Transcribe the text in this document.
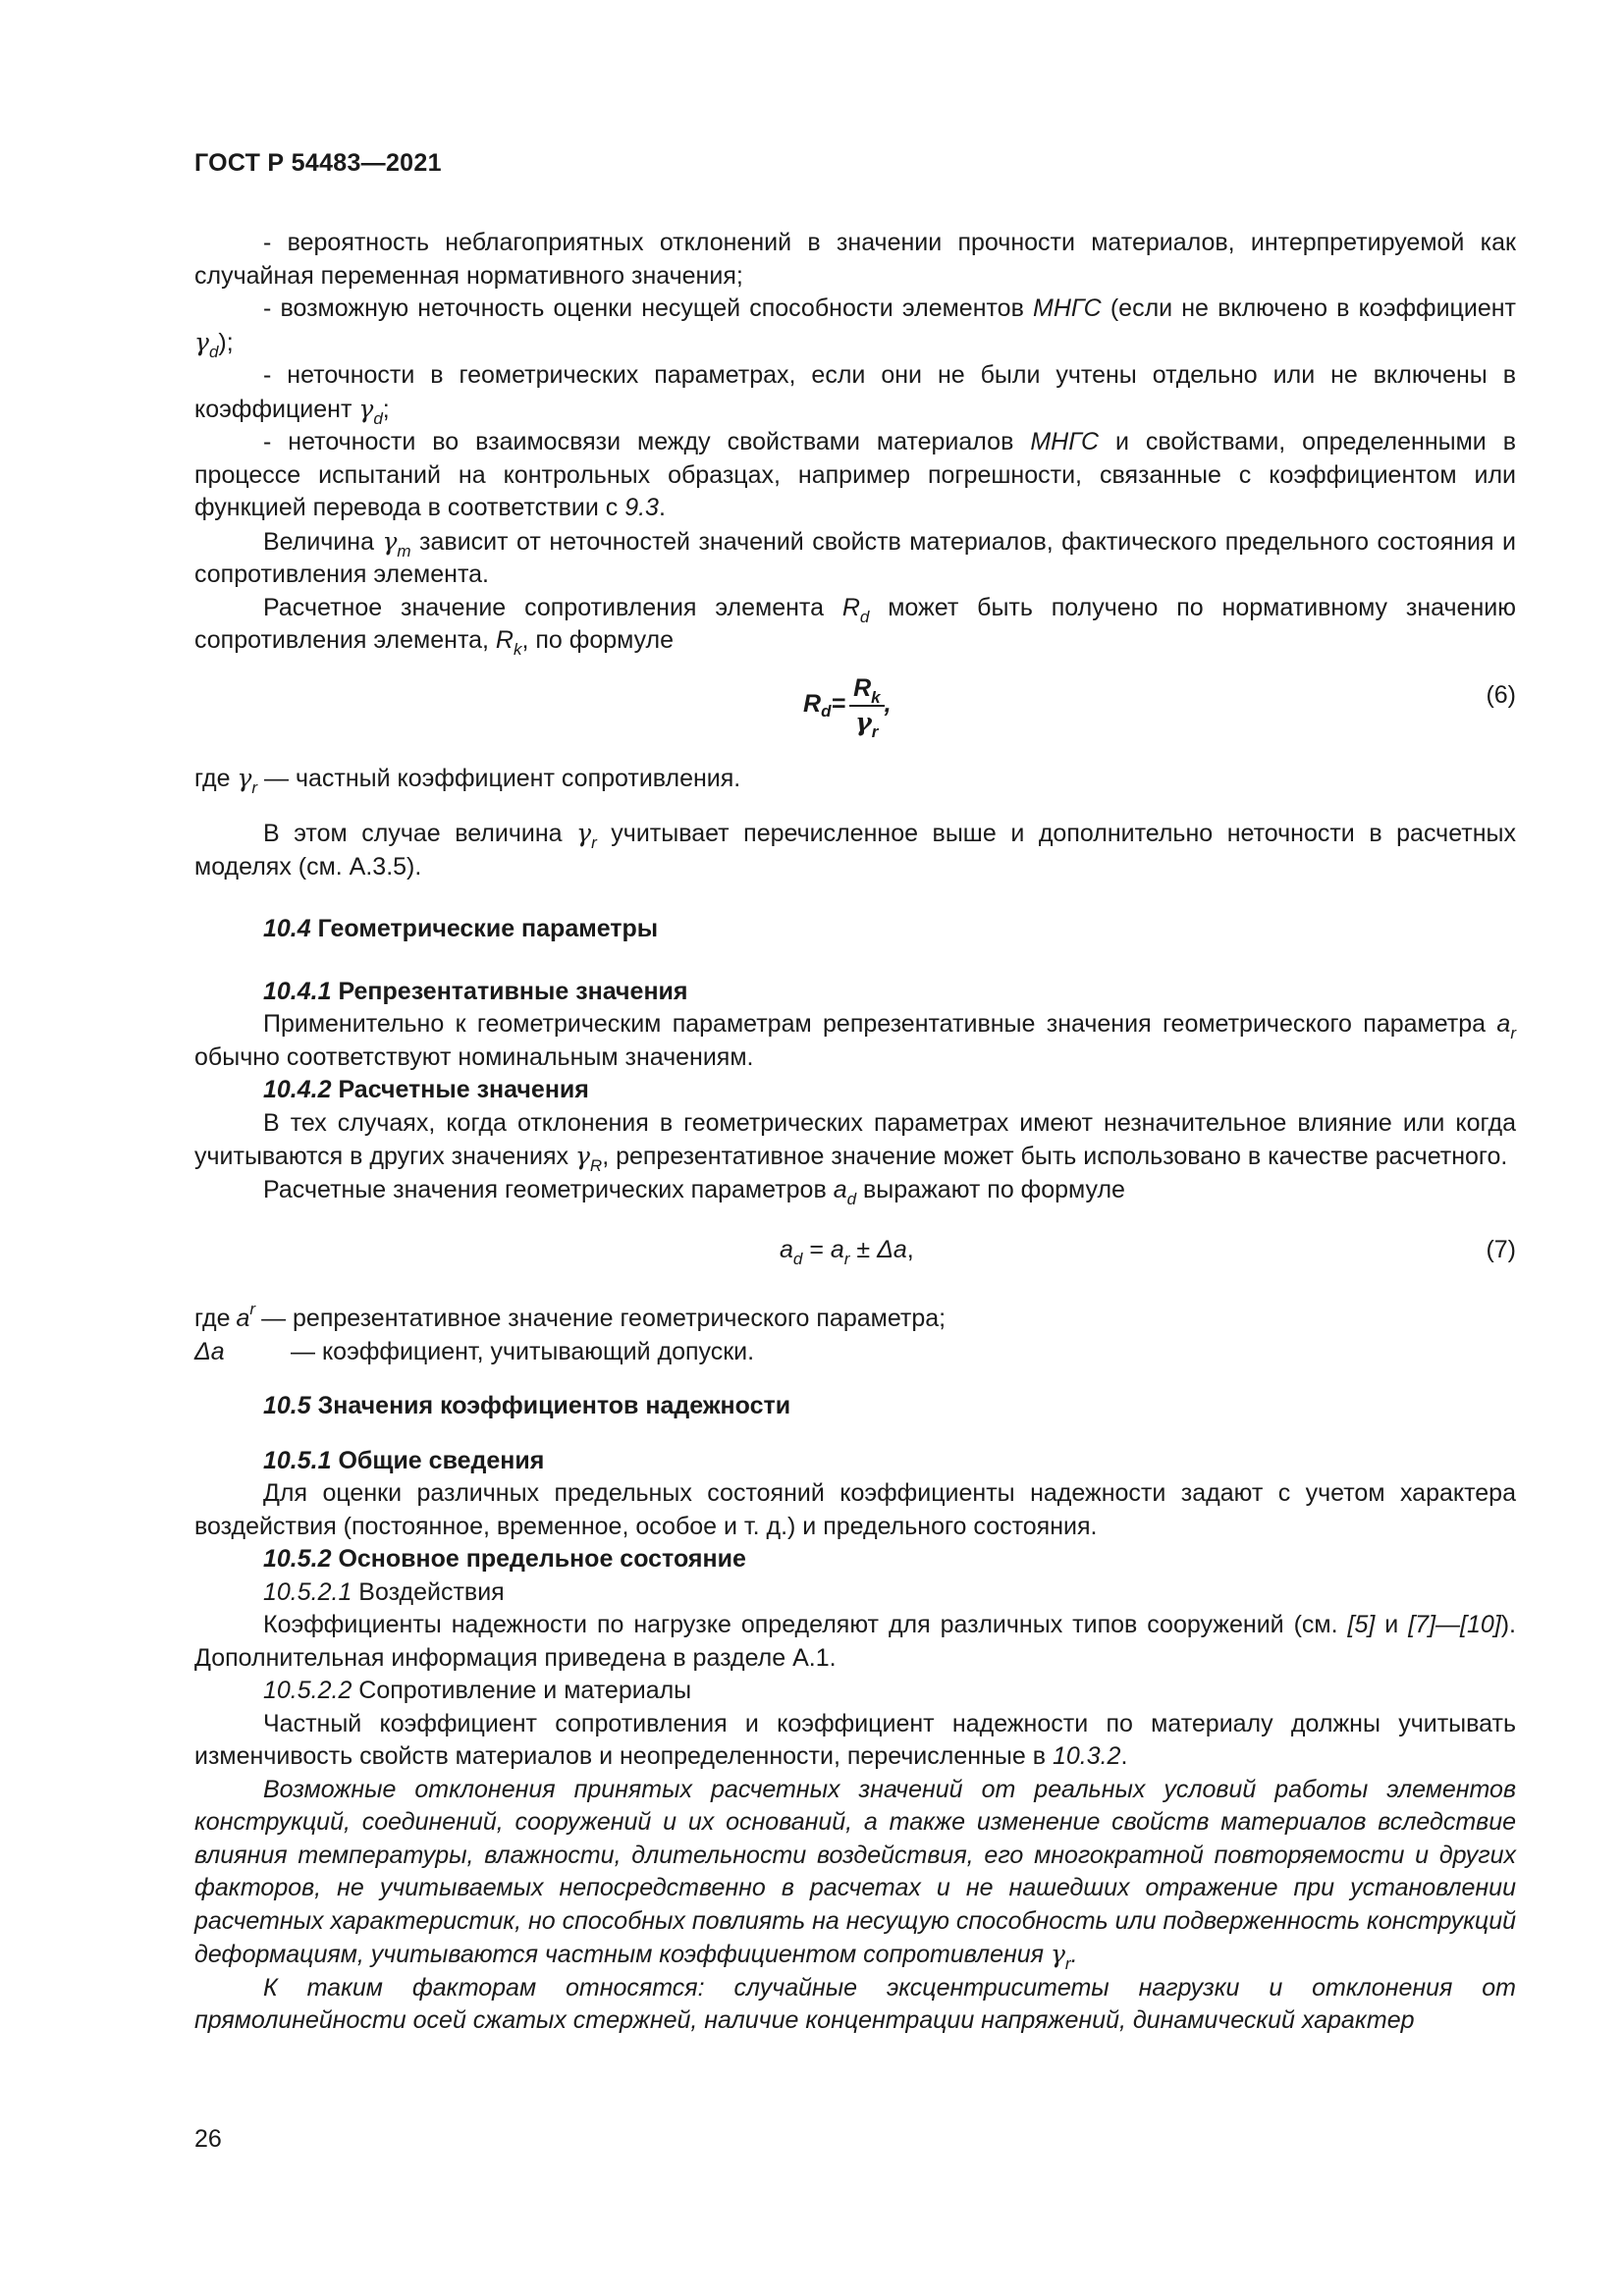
ГОСТ Р 54483—2021

- вероятность неблагоприятных отклонений в значении прочности материалов, интерпретируемой как случайная переменная нормативного значения;

- возможную неточность оценки несущей способности элементов МНГС (если не включено в коэффициент $\gamma_d$);

- неточности в геометрических параметрах, если они не были учтены отдельно или не включены в коэффициент $\gamma_d$;

- неточности во взаимосвязи между свойствами материалов МНГС и свойствами, определенными в процессе испытаний на контрольных образцах, например погрешности, связанные с коэффициентом или функцией перевода в соответствии с 9.3.

Величина $\gamma_m$ зависит от неточностей значений свойств материалов, фактического предельного состояния и сопротивления элемента.

Расчетное значение сопротивления элемента $R_d$ может быть получено по нормативному значению сопротивления элемента, $R_k$, по формуле

$R_d = \frac{R_k}{\gamma_r}$ ,	(6)

где $\gamma_r$ — частный коэффициент сопротивления.

В этом случае величина $\gamma_r$ учитывает перечисленное выше и дополнительно неточности в расчетных моделях (см. А.3.5).

10.4 Геометрические параметры

10.4.1 Репрезентативные значения

Применительно к геометрическим параметрам репрезентативные значения геометрического параметра $a_r$ обычно соответствуют номинальным значениям.

10.4.2 Расчетные значения

В тех случаях, когда отклонения в геометрических параметрах имеют незначительное влияние или когда учитываются в других значениях $\gamma_R$, репрезентативное значение может быть использовано в качестве расчетного.

Расчетные значения геометрических параметров $a_d$ выражают по формуле

$a_d = a_r \pm \Delta a$,	(7)
где $a_r$ — репрезентативное значение геометрического параметра;
Δa	— коэффициент, учитывающий допуски.

10.5 Значения коэффициентов надежности

10.5.1 Общие сведения

Для оценки различных предельных состояний коэффициенты надежности задают с учетом характера воздействия (постоянное, временное, особое и т. д.) и предельного состояния.

10.5.2 Основное предельное состояние

10.5.2.1 Воздействия

Коэффициенты надежности по нагрузке определяют для различных типов сооружений (см. [5] и [7]—[10]). Дополнительная информация приведена в разделе А.1.

10.5.2.2 Сопротивление и материалы

Частный коэффициент сопротивления и коэффициент надежности по материалу должны учитывать изменчивость свойств материалов и неопределенности, перечисленные в 10.3.2.

Возможные отклонения принятых расчетных значений от реальных условий работы элементов конструкций, соединений, сооружений и их оснований, а также изменение свойств материалов вследствие влияния температуры, влажности, длительности воздействия, его многократной повторяемости и других факторов, не учитываемых непосредственно в расчетах и не нашедших отражение при установлении расчетных характеристик, но способных повлиять на несущую способность или подверженность конструкций деформациям, учитываются частным коэффициентом сопротивления $\gamma_r$.

К таким факторам относятся: случайные эксцентриситеты нагрузки и отклонения от прямолинейности осей сжатых стержней, наличие концентрации напряжений, динамический характер

26
